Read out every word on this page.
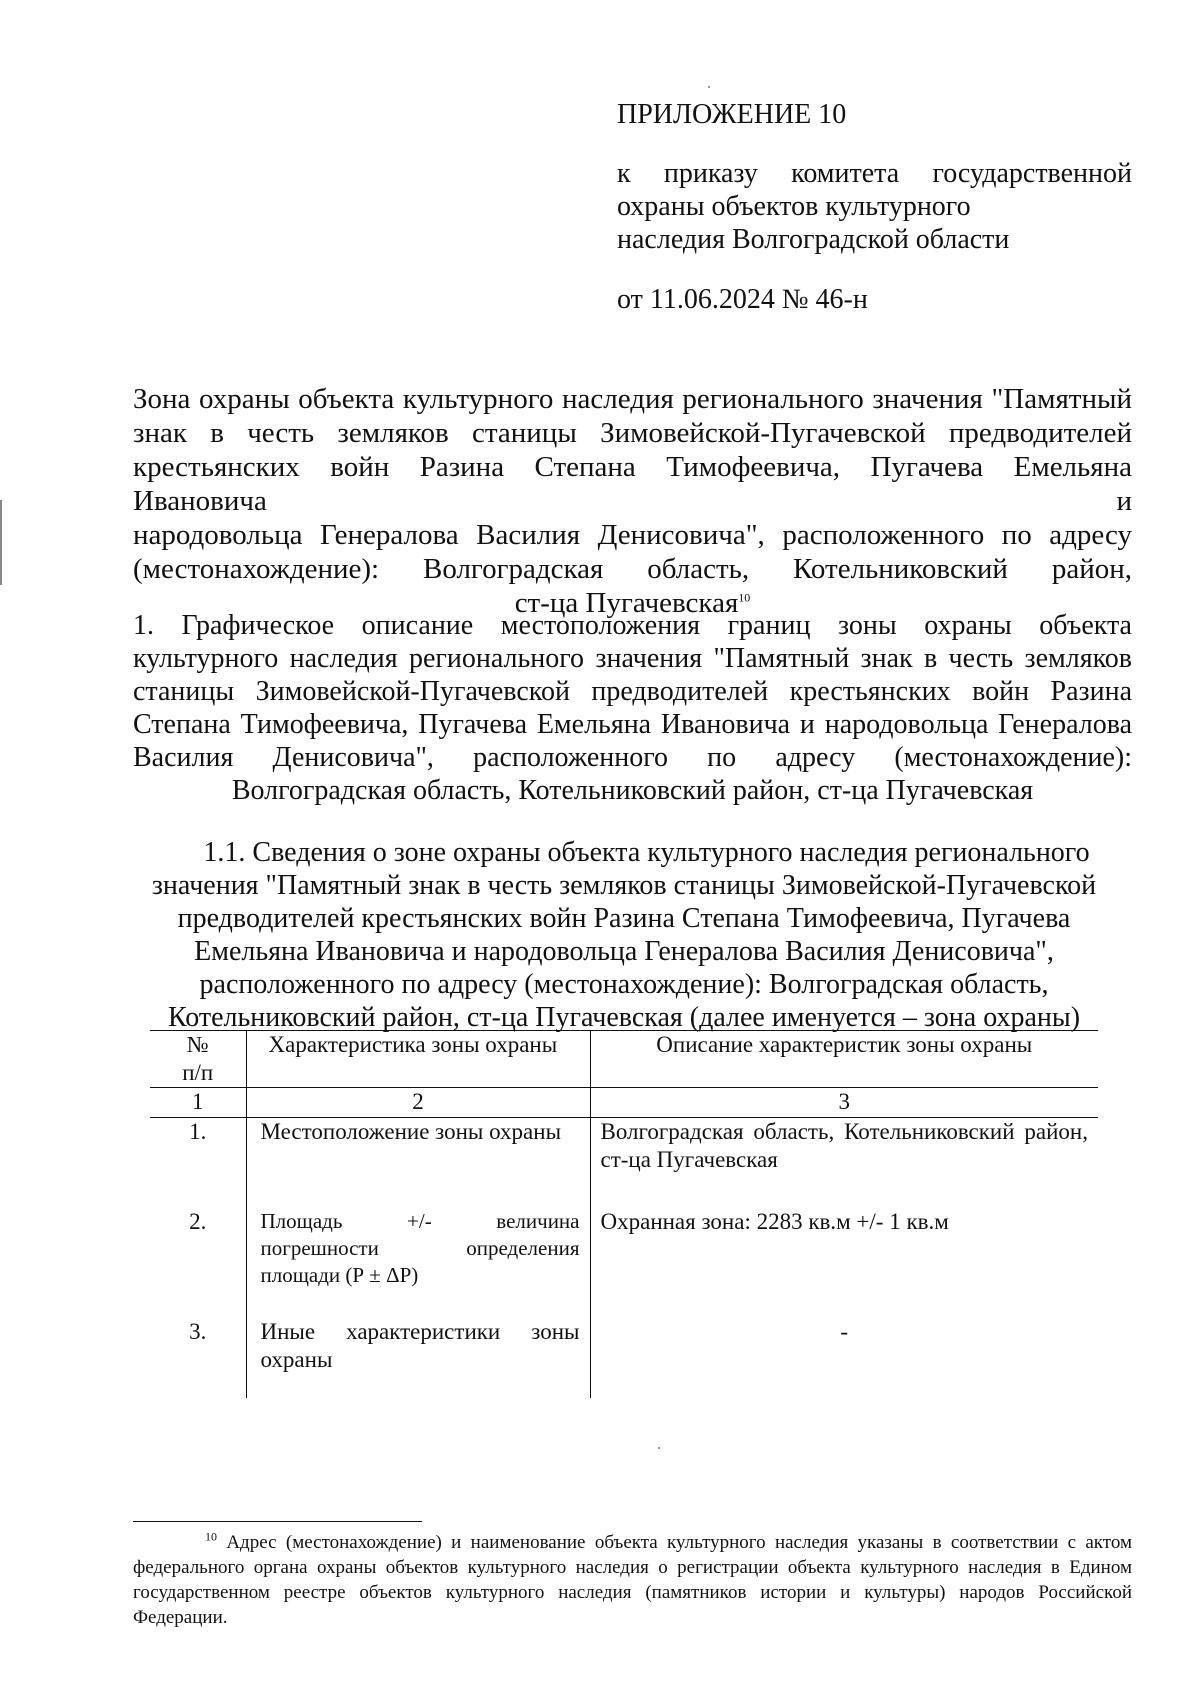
ПРИЛОЖЕНИЕ 10
к приказу комитета государственной
охраны объектов культурного
наследия Волгоградской области
от 11.06.2024 № 46-н
Зона охраны объекта культурного наследия регионального значения "Памятный
знак в честь земляков станицы Зимовейской-Пугачевской предводителей
крестьянских войн Разина Степана Тимофеевича, Пугачева Емельяна Ивановича и
народовольца Генералова Василия Денисовича", расположенного по адресу
(местонахождение): Волгоградская область, Котельниковский район,
ст-ца Пугачевская$^{10}$
1. Графическое описание местоположения границ зоны охраны объекта
культурного наследия регионального значения "Памятный знак в честь земляков
станицы Зимовейской-Пугачевской предводителей крестьянских войн Разина
Степана Тимофеевича, Пугачева Емельяна Ивановича и народовольца Генералова
Василия Денисовича", расположенного по адресу (местонахождение):
Волгоградская область, Котельниковский район, ст-ца Пугачевская
1.1. Сведения о зоне охраны объекта культурного наследия регионального
значения "Памятный знак в честь земляков станицы Зимовейской-Пугачевской
предводителей крестьянских войн Разина Степана Тимофеевича, Пугачева
Емельяна Ивановича и народовольца Генералова Василия Денисовича",
расположенного по адресу (местонахождение): Волгоградская область,
Котельниковский район, ст-ца Пугачевская (далее именуется – зона охраны)
№ п/п	Характеристика зоны охраны	Описание характеристик зоны охраны
1	2	3
1.	Местоположение зоны охраны	Волгоградская область, Котельниковский район, ст-ца Пугачевская
2.	Площадь +/- величина погрешности определения площади (Р ± ΔР)	Охранная зона: 2283 кв.м +/- 1 кв.м
3.	Иные характеристики зоны охраны	-
$^{10}$ Адрес (местонахождение) и наименование объекта культурного наследия указаны в соответствии с актом федерального органа охраны объектов культурного наследия о регистрации объекта культурного наследия в Едином государственном реестре объектов культурного наследия (памятников истории и культуры) народов Российской Федерации.
